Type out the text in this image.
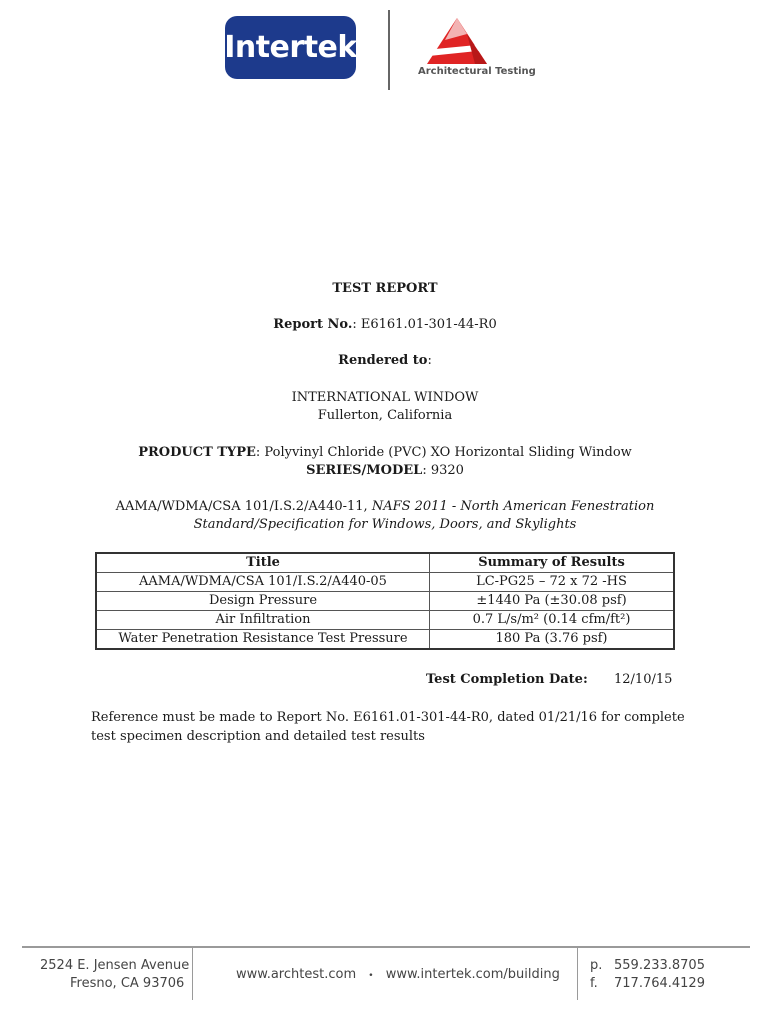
Intertek
Architectural Testing
TEST REPORT
Report No.: E6161.01-301-44-R0
Rendered to:
INTERNATIONAL WINDOW
Fullerton, California
PRODUCT TYPE: Polyvinyl Chloride (PVC) XO Horizontal Sliding Window
SERIES/MODEL: 9320
AAMA/WDMA/CSA 101/I.S.2/A440-11, NAFS 2011 - North American Fenestration
Standard/Specification for Windows, Doors, and Skylights
Title	Summary of Results
AAMA/WDMA/CSA 101/I.S.2/A440-05	LC-PG25 – 72 x 72 -HS
Design Pressure	±1440 Pa (±30.08 psf)
Air Infiltration	0.7 L/s/m² (0.14 cfm/ft²)
Water Penetration Resistance Test Pressure	180 Pa (3.76 psf)
Test Completion Date: 12/10/15
Reference must be made to Report No. E6161.01-301-44-R0, dated 01/21/16 for complete test specimen description and detailed test results
2524 E. Jensen Avenue
Fresno, CA 93706
www.archtest.com • www.intertek.com/building
p. 559.233.8705
f. 717.764.4129
